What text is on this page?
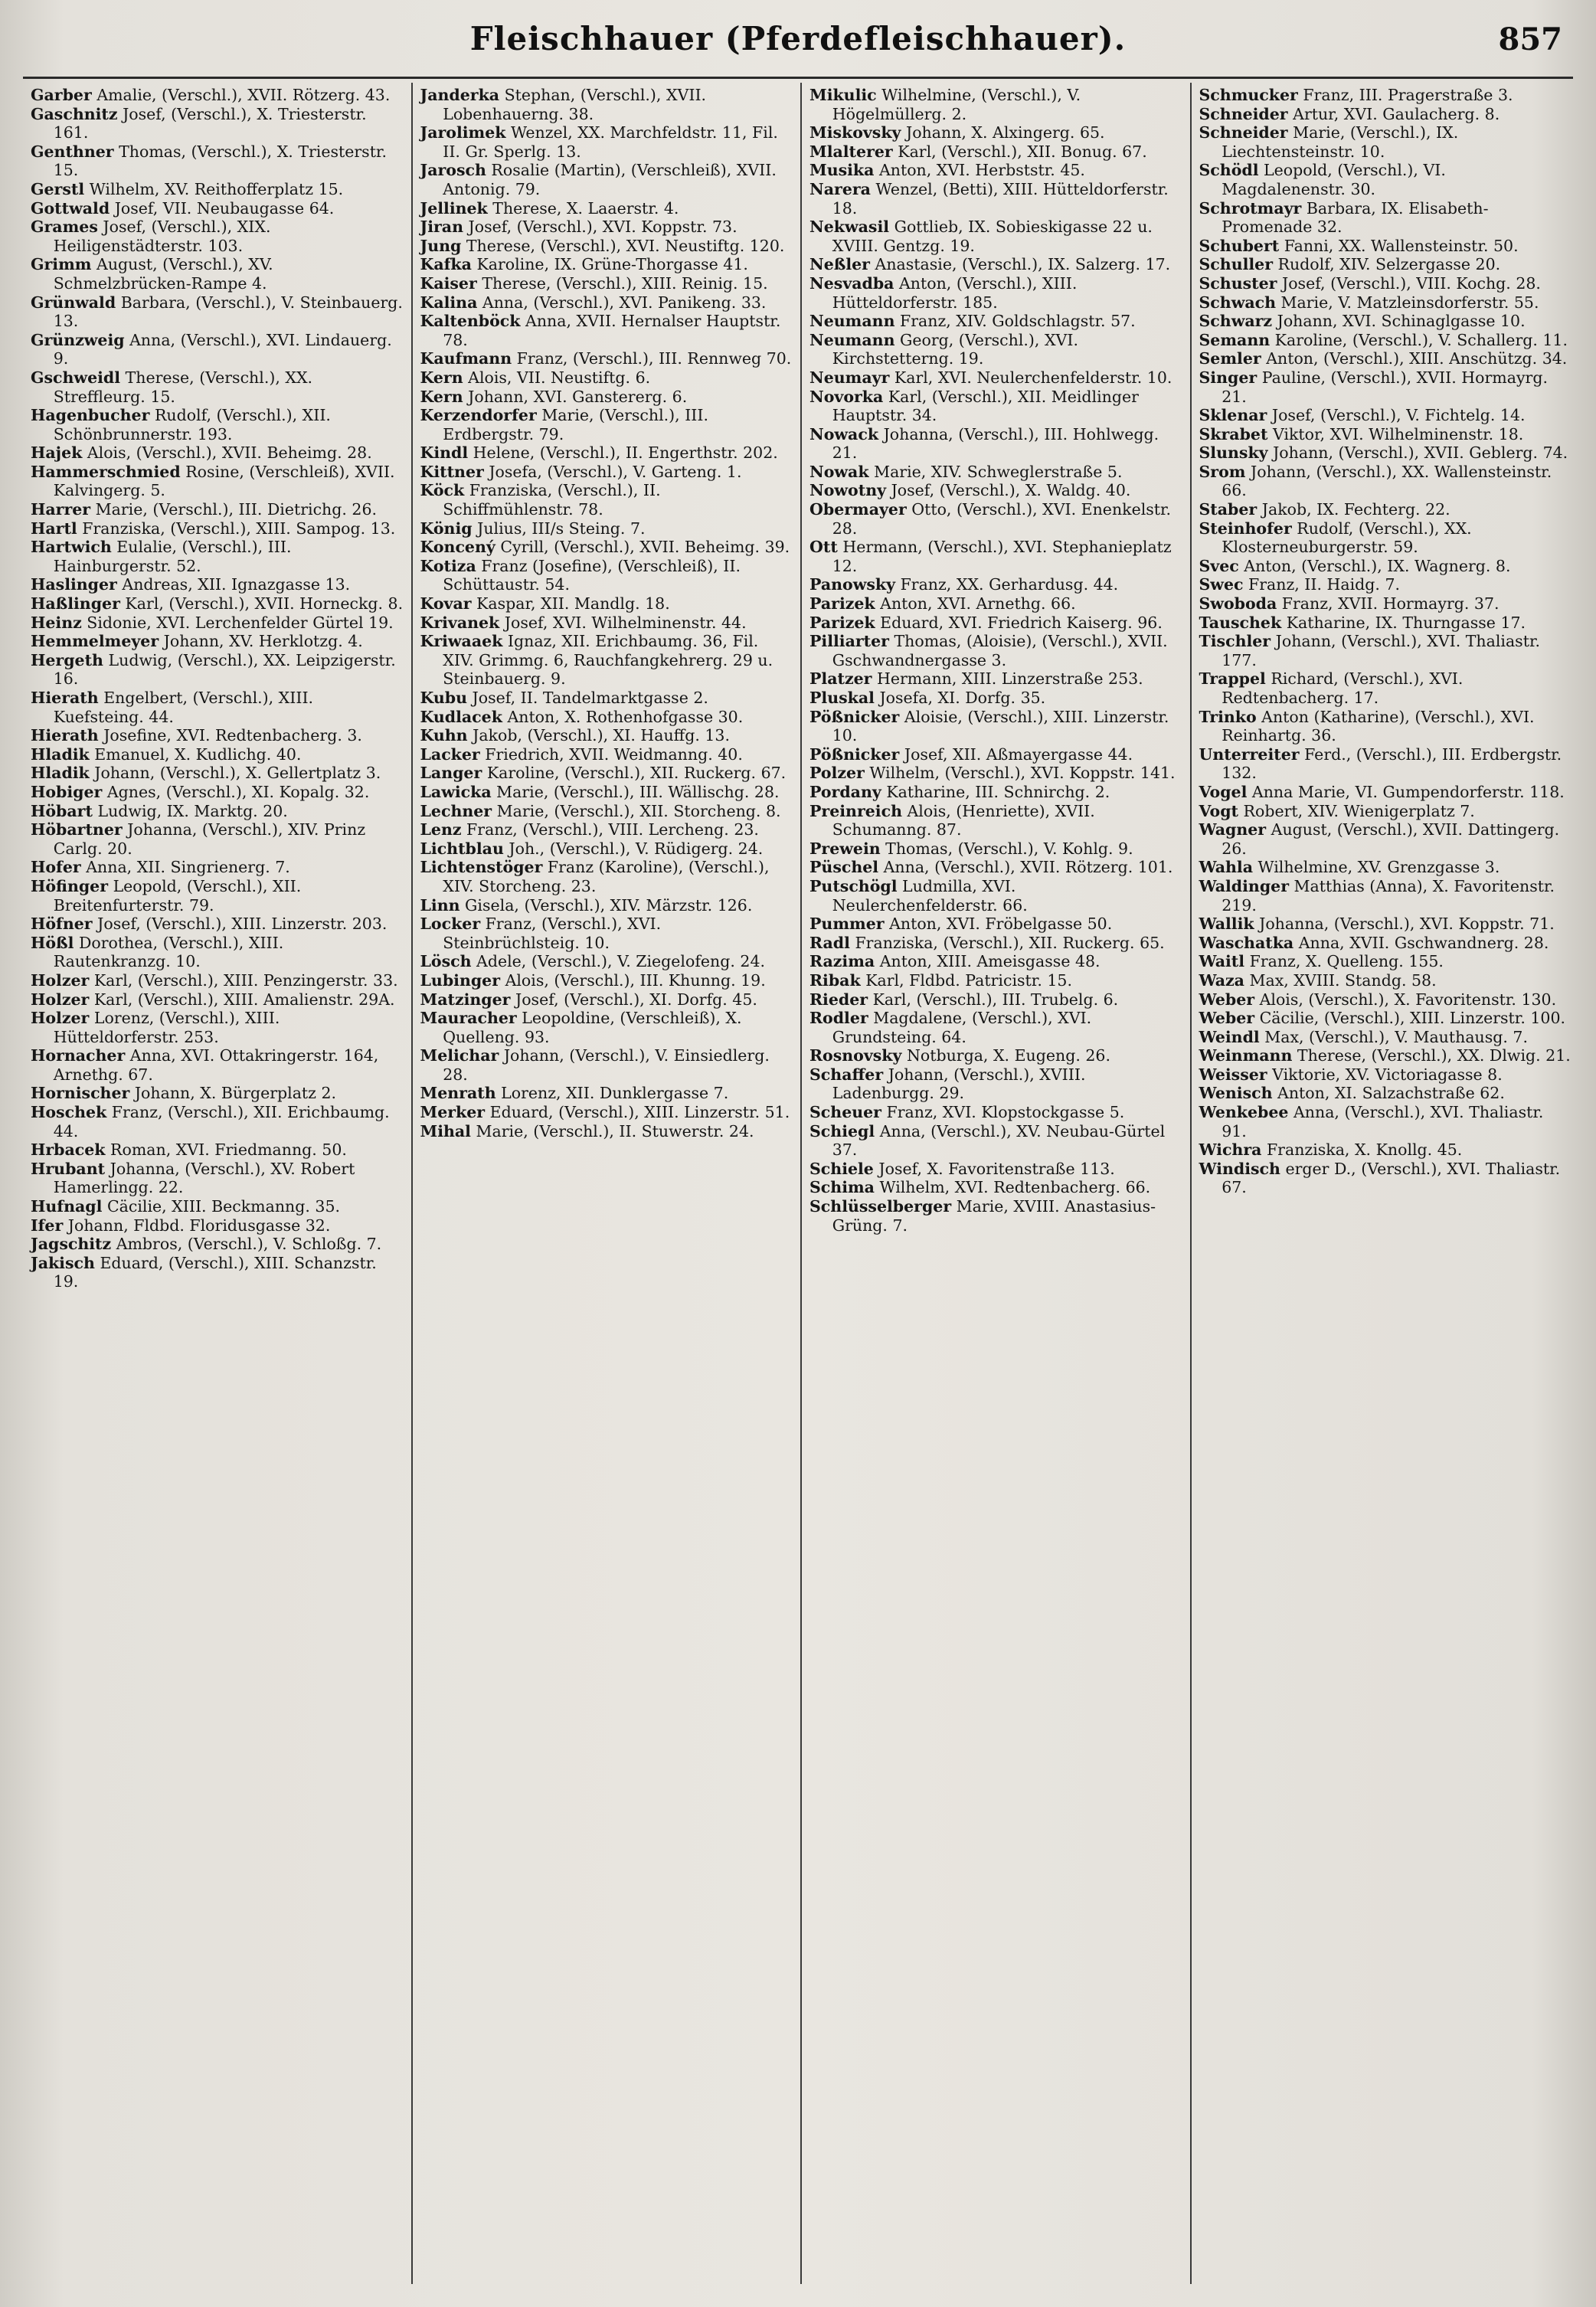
Fleischhauer (Pferdefleischhauer).	857

Garber Amalie, (Verschl.), XVII. Rötzerg. 43.

Gaschnitz Josef, (Verschl.), X. Triesterstr. 161.

Genthner Thomas, (Verschl.), X. Triesterstr. 15.

Gerstl Wilhelm, XV. Reithofferplatz 15.

Gottwald Josef, VII. Neubaugasse 64.

Grames Josef, (Verschl.), XIX. Heiligenstädterstr. 103.

Grimm August, (Verschl.), XV. Schmelzbrücken-Rampe 4.

Grünwald Barbara, (Verschl.), V. Steinbauerg. 13.

Grünzweig Anna, (Verschl.), XVI. Lindauerg. 9.

Gschweidl Therese, (Verschl.), XX. Streffleurg. 15.

Hagenbucher Rudolf, (Verschl.), XII. Schönbrunnerstr. 193.

Hajek Alois, (Verschl.), XVII. Beheimg. 28.

Hammerschmied Rosine, (Verschleiß), XVII. Kalvingerg. 5.

Harrer Marie, (Verschl.), III. Dietrichg. 26.

Hartl Franziska, (Verschl.), XIII. Sampog. 13.

Hartwich Eulalie, (Verschl.), III. Hainburgerstr. 52.

Haslinger Andreas, XII. Ignazgasse 13.

Haßlinger Karl, (Verschl.), XVII. Horneckg. 8.

Heinz Sidonie, XVI. Lerchenfelder Gürtel 19.

Hemmelmeyer Johann, XV. Herklotzg. 4.

Hergeth Ludwig, (Verschl.), XX. Leipzigerstr. 16.

Hierath Engelbert, (Verschl.), XIII. Kuefsteing. 44.

Hierath Josefine, XVI. Redtenbacherg. 3.

Hladik Emanuel, X. Kudlichg. 40.

Hladik Johann, (Verschl.), X. Gellertplatz 3.

Hobiger Agnes, (Verschl.), XI. Kopalg. 32.

Höbart Ludwig, IX. Marktg. 20.

Höbartner Johanna, (Verschl.), XIV. Prinz Carlg. 20.

Hofer Anna, XII. Singrienerg. 7.

Höfinger Leopold, (Verschl.), XII. Breitenfurterstr. 79.

Höfner Josef, (Verschl.), XIII. Linzerstr. 203.

Hößl Dorothea, (Verschl.), XIII. Rautenkranzg. 10.

Holzer Karl, (Verschl.), XIII. Penzingerstr. 33.

Holzer Karl, (Verschl.), XIII. Amalienstr. 29A.

Holzer Lorenz, (Verschl.), XIII. Hütteldorferstr. 253.

Hornacher Anna, XVI. Ottakringerstr. 164, Arnethg. 67.

Hornischer Johann, X. Bürgerplatz 2.

Hoschek Franz, (Verschl.), XII. Erichbaumg. 44.

Hrbacek Roman, XVI. Friedmanng. 50.

Hrubant Johanna, (Verschl.), XV. Robert Hamerlingg. 22.

Hufnagl Cäcilie, XIII. Beckmanng. 35.

Ifer Johann, Fldbd. Floridusgasse 32.

Jagschitz Ambros, (Verschl.), V. Schloßg. 7.

Jakisch Eduard, (Verschl.), XIII. Schanzstr. 19.

Janderka Stephan, (Verschl.), XVII. Lobenhauerng. 38.

Jarolimek Wenzel, XX. Marchfeldstr. 11, Fil. II. Gr. Sperlg. 13.

Jarosch Rosalie (Martin), (Verschleiß), XVII. Antonig. 79.

Jellinek Therese, X. Laaerstr. 4.

Jiran Josef, (Verschl.), XVI. Koppstr. 73.

Jung Therese, (Verschl.), XVI. Neustiftg. 120.

Kafka Karoline, IX. Grüne-Thorgasse 41.

Kaiser Therese, (Verschl.), XIII. Reinig. 15.

Kalina Anna, (Verschl.), XVI. Panikeng. 33.

Kaltenböck Anna, XVII. Hernalser Hauptstr. 78.

Kaufmann Franz, (Verschl.), III. Rennweg 70.

Kern Alois, VII. Neustiftg. 6.

Kern Johann, XVI. Ganstererg. 6.

Kerzendorfer Marie, (Verschl.), III. Erdbergstr. 79.

Kindl Helene, (Verschl.), II. Engerthstr. 202.

Kittner Josefa, (Verschl.), V. Garteng. 1.

Köck Franziska, (Verschl.), II. Schiffmühlenstr. 78.

König Julius, III/s Steing. 7.

Koncený Cyrill, (Verschl.), XVII. Beheimg. 39.

Kotiza Franz (Josefine), (Verschleiß), II. Schüttaustr. 54.

Kovar Kaspar, XII. Mandlg. 18.

Krivanek Josef, XVI. Wilhelminenstr. 44.

Kriwaaek Ignaz, XII. Erichbaumg. 36, Fil. XIV. Grimmg. 6, Rauchfangkehrerg. 29 u. Steinbauerg. 9.

Kubu Josef, II. Tandelmarktgasse 2.

Kudlacek Anton, X. Rothenhofgasse 30.

Kuhn Jakob, (Verschl.), XI. Hauffg. 13.

Lacker Friedrich, XVII. Weidmanng. 40.

Langer Karoline, (Verschl.), XII. Ruckerg. 67.

Lawicka Marie, (Verschl.), III. Wällischg. 28.

Lechner Marie, (Verschl.), XII. Storcheng. 8.

Lenz Franz, (Verschl.), VIII. Lercheng. 23.

Lichtblau Joh., (Verschl.), V. Rüdigerg. 24.

Lichtenstöger Franz (Karoline), (Verschl.), XIV. Storcheng. 23.

Linn Gisela, (Verschl.), XIV. Märzstr. 126.

Locker Franz, (Verschl.), XVI. Steinbrüchlsteig. 10.

Lösch Adele, (Verschl.), V. Ziegelofeng. 24.

Lubinger Alois, (Verschl.), III. Khunng. 19.

Matzinger Josef, (Verschl.), XI. Dorfg. 45.

Mauracher Leopoldine, (Verschleiß), X. Quelleng. 93.

Melichar Johann, (Verschl.), V. Einsiedlerg. 28.

Menrath Lorenz, XII. Dunklergasse 7.

Merker Eduard, (Verschl.), XIII. Linzerstr. 51.

Mihal Marie, (Verschl.), II. Stuwerstr. 24.

Mikulic Wilhelmine, (Verschl.), V. Högelmüllerg. 2.

Miskovsky Johann, X. Alxingerg. 65.

Mlalterer Karl, (Verschl.), XII. Bonug. 67.

Musika Anton, XVI. Herbststr. 45.

Narera Wenzel, (Betti), XIII. Hütteldorferstr. 18.

Nekwasil Gottlieb, IX. Sobieskigasse 22 u. XVIII. Gentzg. 19.

Neßler Anastasie, (Verschl.), IX. Salzerg. 17.

Nesvadba Anton, (Verschl.), XIII. Hütteldorferstr. 185.

Neumann Franz, XIV. Goldschlagstr. 57.

Neumann Georg, (Verschl.), XVI. Kirchstetterng. 19.

Neumayr Karl, XVI. Neulerchenfelderstr. 10.

Novorka Karl, (Verschl.), XII. Meidlinger Hauptstr. 34.

Nowack Johanna, (Verschl.), III. Hohlwegg. 21.

Nowak Marie, XIV. Schweglerstraße 5.

Nowotny Josef, (Verschl.), X. Waldg. 40.

Obermayer Otto, (Verschl.), XVI. Enenkelstr. 28.

Ott Hermann, (Verschl.), XVI. Stephanieplatz 12.

Panowsky Franz, XX. Gerhardusg. 44.

Parizek Anton, XVI. Arnethg. 66.

Parizek Eduard, XVI. Friedrich Kaiserg. 96.

Pilliarter Thomas, (Aloisie), (Verschl.), XVII. Gschwandnergasse 3.

Platzer Hermann, XIII. Linzerstraße 253.

Pluskal Josefa, XI. Dorfg. 35.

Pößnicker Aloisie, (Verschl.), XIII. Linzerstr. 10.

Pößnicker Josef, XII. Aßmayergasse 44.

Polzer Wilhelm, (Verschl.), XVI. Koppstr. 141.

Pordany Katharine, III. Schnirchg. 2.

Preinreich Alois, (Henriette), XVII. Schumanng. 87.

Prewein Thomas, (Verschl.), V. Kohlg. 9.

Püschel Anna, (Verschl.), XVII. Rötzerg. 101.

Putschögl Ludmilla, XVI. Neulerchenfelderstr. 66.

Pummer Anton, XVI. Fröbelgasse 50.

Radl Franziska, (Verschl.), XII. Ruckerg. 65.

Razima Anton, XIII. Ameisgasse 48.

Ribak Karl, Fldbd. Patricistr. 15.

Rieder Karl, (Verschl.), III. Trubelg. 6.

Rodler Magdalene, (Verschl.), XVI. Grundsteing. 64.

Rosnovsky Notburga, X. Eugeng. 26.

Schaffer Johann, (Verschl.), XVIII. Ladenburgg. 29.

Scheuer Franz, XVI. Klopstockgasse 5.

Schiegl Anna, (Verschl.), XV. Neubau-Gürtel 37.

Schiele Josef, X. Favoritenstraße 113.

Schima Wilhelm, XVI. Redtenbacherg. 66.

Schlüsselberger Marie, XVIII. Anastasius-Grüng. 7.

Schmucker Franz, III. Pragerstraße 3.

Schneider Artur, XVI. Gaulacherg. 8.

Schneider Marie, (Verschl.), IX. Liechtensteinstr. 10.

Schödl Leopold, (Verschl.), VI. Magdalenenstr. 30.

Schrotmayr Barbara, IX. Elisabeth-Promenade 32.

Schubert Fanni, XX. Wallensteinstr. 50.

Schuller Rudolf, XIV. Selzergasse 20.

Schuster Josef, (Verschl.), VIII. Kochg. 28.

Schwach Marie, V. Matzleinsdorferstr. 55.

Schwarz Johann, XVI. Schinaglgasse 10.

Semann Karoline, (Verschl.), V. Schallerg. 11.

Semler Anton, (Verschl.), XIII. Anschützg. 34.

Singer Pauline, (Verschl.), XVII. Hormayrg. 21.

Sklenar Josef, (Verschl.), V. Fichtelg. 14.

Skrabet Viktor, XVI. Wilhelminenstr. 18.

Slunsky Johann, (Verschl.), XVII. Geblerg. 74.

Srom Johann, (Verschl.), XX. Wallensteinstr. 66.

Staber Jakob, IX. Fechterg. 22.

Steinhofer Rudolf, (Verschl.), XX. Klosterneuburgerstr. 59.

Svec Anton, (Verschl.), IX. Wagnerg. 8.

Swec Franz, II. Haidg. 7.

Swoboda Franz, XVII. Hormayrg. 37.

Tauschek Katharine, IX. Thurngasse 17.

Tischler Johann, (Verschl.), XVI. Thaliastr. 177.

Trappel Richard, (Verschl.), XVI. Redtenbacherg. 17.

Trinko Anton (Katharine), (Verschl.), XVI. Reinhartg. 36.

Unterreiter Ferd., (Verschl.), III. Erdbergstr. 132.

Vogel Anna Marie, VI. Gumpendorferstr. 118.

Vogt Robert, XIV. Wienigerplatz 7.

Wagner August, (Verschl.), XVII. Dattingerg. 26.

Wahla Wilhelmine, XV. Grenzgasse 3.

Waldinger Matthias (Anna), X. Favoritenstr. 219.

Wallik Johanna, (Verschl.), XVI. Koppstr. 71.

Waschatka Anna, XVII. Gschwandnerg. 28.

Waitl Franz, X. Quelleng. 155.

Waza Max, XVIII. Standg. 58.

Weber Alois, (Verschl.), X. Favoritenstr. 130.

Weber Cäcilie, (Verschl.), XIII. Linzerstr. 100.

Weindl Max, (Verschl.), V. Mauthausg. 7.

Weinmann Therese, (Verschl.), XX. Dlwig. 21.

Weisser Viktorie, XV. Victoriagasse 8.

Wenisch Anton, XI. Salzachstraße 62.

Wenkebee Anna, (Verschl.), XVI. Thaliastr. 91.

Wichra Franziska, X. Knollg. 45.

Windisch erger D., (Verschl.), XVI. Thaliastr. 67.
